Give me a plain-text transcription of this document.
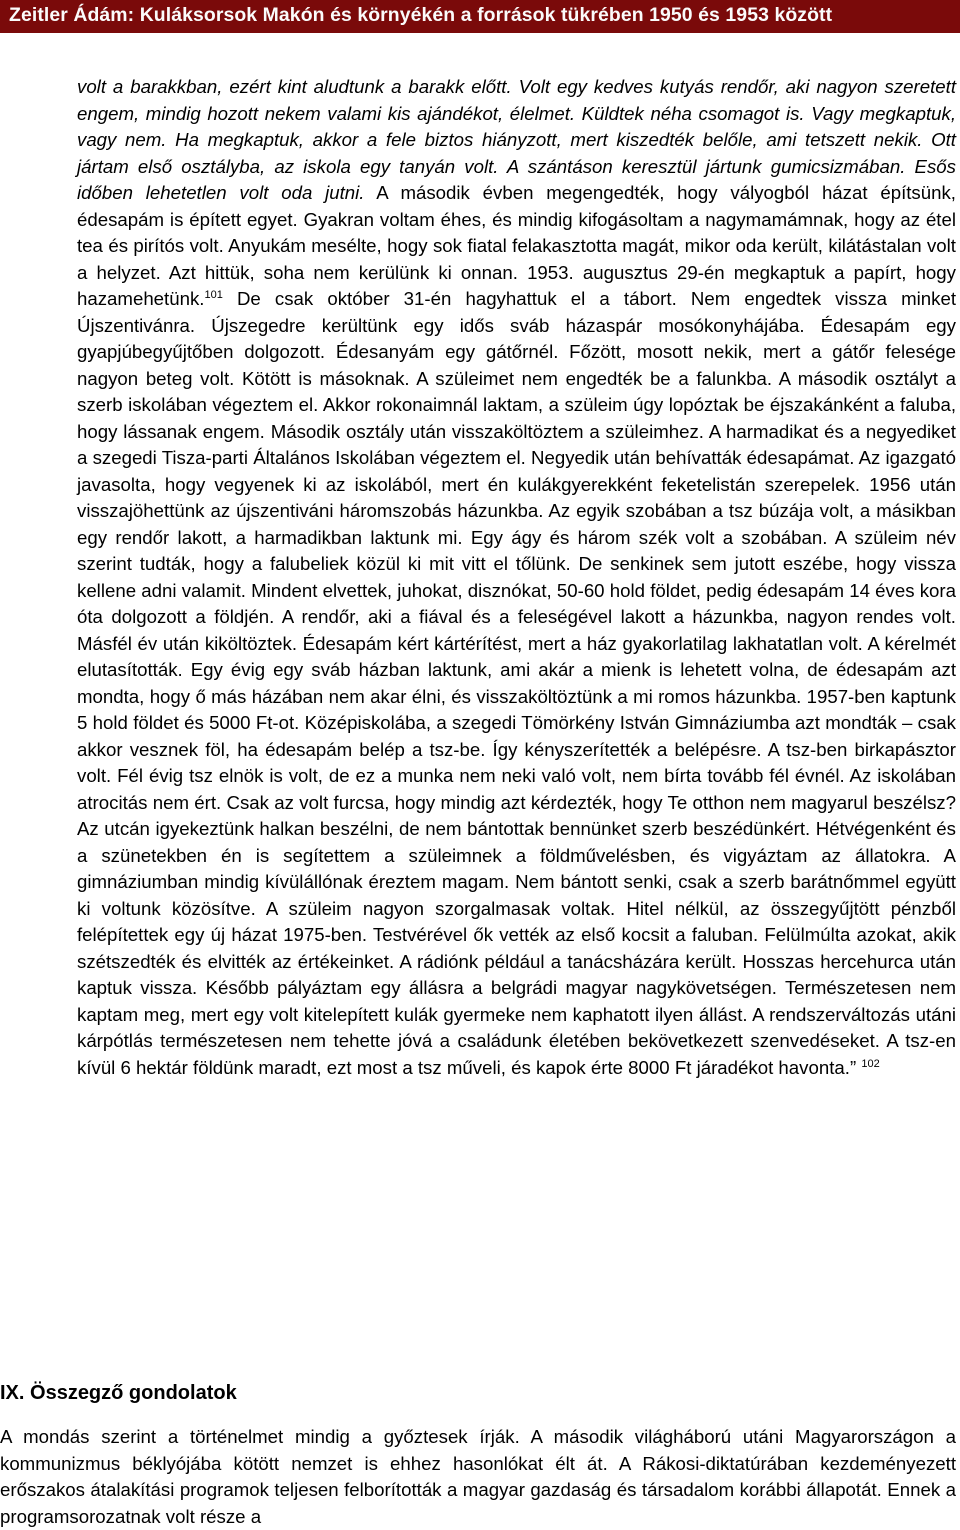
Zeitler Ádám: Kuláksorsok Makón és környékén a források tükrében 1950 és 1953 között

volt a barakkban, ezért kint aludtunk a barakk előtt. Volt egy kedves kutyás rendőr, aki nagyon szeretett engem, mindig hozott nekem valami kis ajándékot, élelmet. Küldtek néha csomagot is. Vagy megkaptuk, vagy nem. Ha megkaptuk, akkor a fele biztos hiányzott, mert kiszedték belőle, ami tetszett nekik. Ott jártam első osztályba, az iskola egy tanyán volt. A szántáson keresztül jártunk gumicsizmában. Esős időben lehetetlen volt oda jutni. A második évben megengedték, hogy vályogból házat építsünk, édesapám is épített egyet. Gyakran voltam éhes, és mindig kifogásoltam a nagymamámnak, hogy az étel tea és pirítós volt. Anyukám mesélte, hogy sok fiatal felakasztotta magát, mikor oda került, kilátástalan volt a helyzet. Azt hittük, soha nem kerülünk ki onnan. 1953. augusztus 29-én megkaptuk a papírt, hogy hazamehetünk.$^{101}$ De csak október 31-én hagyhattuk el a tábort. Nem engedtek vissza minket Újszentivánra. Újszegedre kerültünk egy idős sváb házaspár mosókonyhájába. Édesapám egy gyapjúbegyűjtőben dolgozott. Édesanyám egy gátőrnél. Főzött, mosott nekik, mert a gátőr felesége nagyon beteg volt. Kötött is másoknak. A szüleimet nem engedték be a falunkba. A második osztályt a szerb iskolában végeztem el. Akkor rokonaimnál laktam, a szüleim úgy lopóztak be éjszakánként a faluba, hogy lássanak engem. Második osztály után visszaköltöztem a szüleimhez. A harmadikat és a negyediket a szegedi Tisza-parti Általános Iskolában végeztem el. Negyedik után behívatták édesapámat. Az igazgató javasolta, hogy vegyenek ki az iskolából, mert én kulákgyerekként feketelistán szerepelek. 1956 után visszajöhettünk az újszentiváni háromszobás házunkba. Az egyik szobában a tsz búzája volt, a másikban egy rendőr lakott, a harmadikban laktunk mi. Egy ágy és három szék volt a szobában. A szüleim név szerint tudták, hogy a falubeliek közül ki mit vitt el tőlünk. De senkinek sem jutott eszébe, hogy vissza kellene adni valamit. Mindent elvettek, juhokat, disznókat, 50-60 hold földet, pedig édesapám 14 éves kora óta dolgozott a földjén. A rendőr, aki a fiával és a feleségével lakott a házunkba, nagyon rendes volt. Másfél év után kiköltöztek. Édesapám kért kártérítést, mert a ház gyakorlatilag lakhatatlan volt. A kérelmét elutasították. Egy évig egy sváb házban laktunk, ami akár a mienk is lehetett volna, de édesapám azt mondta, hogy ő más házában nem akar élni, és visszaköltöztünk a mi romos házunkba. 1957-ben kaptunk 5 hold földet és 5000 Ft-ot. Középiskolába, a szegedi Tömörkény István Gimnáziumba azt mondták – csak akkor vesznek föl, ha édesapám belép a tsz-be. Így kényszerítették a belépésre. A tsz-ben birkapásztor volt. Fél évig tsz elnök is volt, de ez a munka nem neki való volt, nem bírta tovább fél évnél. Az iskolában atrocitás nem ért. Csak az volt furcsa, hogy mindig azt kérdezték, hogy Te otthon nem magyarul beszélsz? Az utcán igyekeztünk halkan beszélni, de nem bántottak bennünket szerb beszédünkért. Hétvégenként és a szünetekben én is segítettem a szüleimnek a földművelésben, és vigyáztam az állatokra. A gimnáziumban mindig kívülállónak éreztem magam. Nem bántott senki, csak a szerb barátnőmmel együtt ki voltunk közösítve. A szüleim nagyon szorgalmasak voltak. Hitel nélkül, az összegyűjtött pénzből felépítettek egy új házat 1975-ben. Testvérével ők vették az első kocsit a faluban. Felülmúlta azokat, akik szétszedték és elvitték az értékeinket. A rádiónk például a tanácsházára került. Hosszas hercehurca után kaptuk vissza. Később pályáztam egy állásra a belgrádi magyar nagykövetségen. Természetesen nem kaptam meg, mert egy volt kitelepített kulák gyermeke nem kaphatott ilyen állást. A rendszerváltozás utáni kárpótlás természetesen nem tehette jóvá a családunk életében bekövetkezett szenvedéseket. A tsz-en kívül 6 hektár földünk maradt, ezt most a tsz műveli, és kapok érte 8000 Ft járadékot havonta.” $^{102}$

IX. Összegző gondolatok

A mondás szerint a történelmet mindig a győztesek írják. A második világháború utáni Magyarországon a kommunizmus béklyójába kötött nemzet is ehhez hasonlókat élt át. A Rákosi-diktatúrában kezdeményezett erőszakos átalakítási programok teljesen felborították a magyar gazdaság és társadalom korábbi állapotát. Ennek a programsorozatnak volt része a
